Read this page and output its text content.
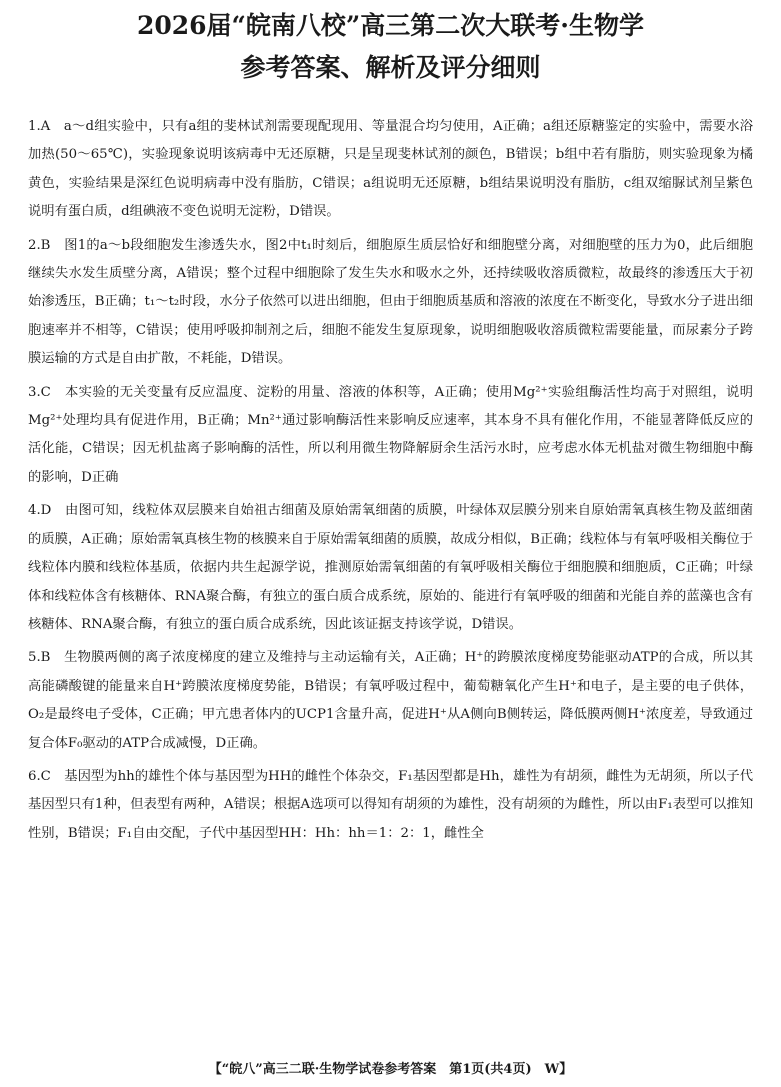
2026届“皖南八校”高三第二次大联考·生物学
参考答案、解析及评分细则

1.A　a～d组实验中，只有a组的斐林试剂需要现配现用、等量混合均匀使用，A正确；a组还原糖鉴定的实验中，需要水浴加热(50～65℃)，实验现象说明该病毒中无还原糖，只是呈现斐林试剂的颜色，B错误；b组中若有脂肪，则实验现象为橘黄色，实验结果是深红色说明病毒中没有脂肪，C错误；a组说明无还原糖，b组结果说明没有脂肪，c组双缩脲试剂呈紫色说明有蛋白质，d组碘液不变色说明无淀粉，D错误。

2.B　图1的a～b段细胞发生渗透失水，图2中t₁时刻后，细胞原生质层恰好和细胞壁分离，对细胞壁的压力为0，此后细胞继续失水发生质壁分离，A错误；整个过程中细胞除了发生失水和吸水之外，还持续吸收溶质微粒，故最终的渗透压大于初始渗透压，B正确；t₁～t₂时段，水分子依然可以进出细胞，但由于细胞质基质和溶液的浓度在不断变化，导致水分子进出细胞速率并不相等，C错误；使用呼吸抑制剂之后，细胞不能发生复原现象，说明细胞吸收溶质微粒需要能量，而尿素分子跨膜运输的方式是自由扩散，不耗能，D错误。

3.C　本实验的无关变量有反应温度、淀粉的用量、溶液的体积等，A正确；使用Mg²⁺实验组酶活性均高于对照组，说明Mg²⁺处理均具有促进作用，B正确；Mn²⁺通过影响酶活性来影响反应速率，其本身不具有催化作用，不能显著降低反应的活化能，C错误；因无机盐离子影响酶的活性，所以利用微生物降解厨余生活污水时，应考虑水体无机盐对微生物细胞中酶的影响，D正确

4.D　由图可知，线粒体双层膜来自始祖古细菌及原始需氧细菌的质膜，叶绿体双层膜分别来自原始需氧真核生物及蓝细菌的质膜，A正确；原始需氧真核生物的核膜来自于原始需氧细菌的质膜，故成分相似，B正确；线粒体与有氧呼吸相关酶位于线粒体内膜和线粒体基质，依据内共生起源学说，推测原始需氧细菌的有氧呼吸相关酶位于细胞膜和细胞质，C正确；叶绿体和线粒体含有核糖体、RNA聚合酶，有独立的蛋白质合成系统，原始的、能进行有氧呼吸的细菌和光能自养的蓝藻也含有核糖体、RNA聚合酶，有独立的蛋白质合成系统，因此该证据支持该学说，D错误。

5.B　生物膜两侧的离子浓度梯度的建立及维持与主动运输有关，A正确；H⁺的跨膜浓度梯度势能驱动ATP的合成，所以其高能磷酸键的能量来自H⁺跨膜浓度梯度势能，B错误；有氧呼吸过程中，葡萄糖氧化产生H⁺和电子，是主要的电子供体，O₂是最终电子受体，C正确；甲亢患者体内的UCP1含量升高，促进H⁺从A侧向B侧转运，降低膜两侧H⁺浓度差，导致通过复合体F₀驱动的ATP合成减慢，D正确。

6.C　基因型为hh的雄性个体与基因型为HH的雌性个体杂交，F₁基因型都是Hh，雄性为有胡须，雌性为无胡须，所以子代基因型只有1种，但表型有两种，A错误；根据A选项可以得知有胡须的为雄性，没有胡须的为雌性，所以由F₁表型可以推知性别，B错误；F₁自由交配，子代中基因型HH：Hh：hh＝1：2：1，雌性全

【“皖八”高三二联·生物学试卷参考答案　第1页(共4页)　W】
